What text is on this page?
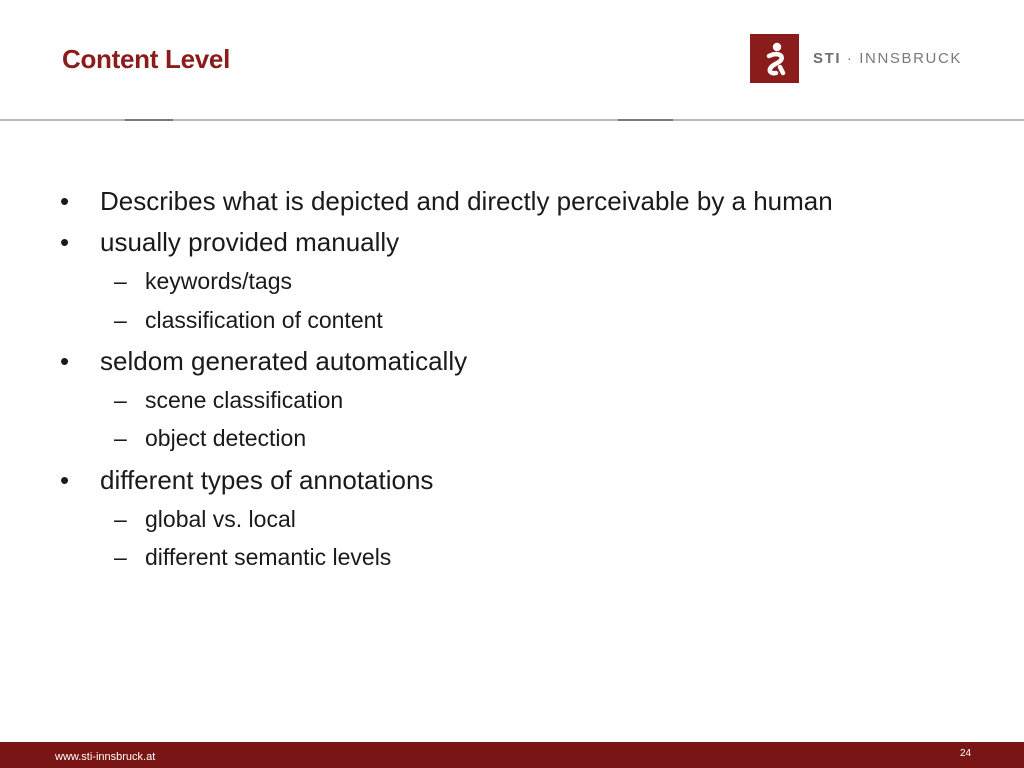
Content Level	STI · INNSBRUCK
• Describes what is depicted and directly perceivable by a human
• usually provided manually
– keywords/tags
– classification of content
• seldom generated automatically
– scene classification
– object detection
• different types of annotations
– global vs. local
– different semantic levels
www.sti-innsbruck.at	24
